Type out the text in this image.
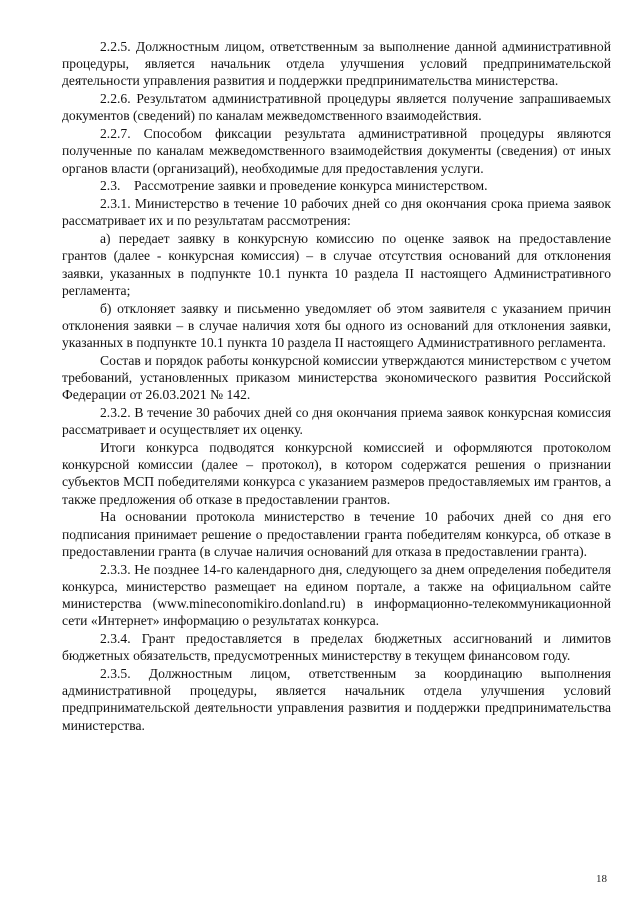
2.2.5. Должностным лицом, ответственным за выполнение данной административной процедуры, является начальник отдела улучшения условий предпринимательской деятельности управления развития и поддержки предпринимательства министерства.

2.2.6. Результатом административной процедуры является получение запрашиваемых документов (сведений) по каналам межведомственного взаимодействия.

2.2.7. Способом фиксации результата административной процедуры являются полученные по каналам межведомственного взаимодействия документы (сведения) от иных органов власти (организаций), необходимые для предоставления услуги.

2.3.    Рассмотрение заявки и проведение конкурса министерством.

2.3.1. Министерство в течение 10 рабочих дней со дня окончания срока приема заявок рассматривает их и по результатам рассмотрения:

а) передает заявку в конкурсную комиссию по оценке заявок на предоставление грантов (далее - конкурсная комиссия) – в случае отсутствия оснований для отклонения заявки, указанных в подпункте 10.1 пункта 10 раздела II настоящего Административного регламента;

б) отклоняет заявку и письменно уведомляет об этом заявителя с указанием причин отклонения заявки – в случае наличия хотя бы одного из оснований для отклонения заявки, указанных в подпункте 10.1 пункта 10 раздела II настоящего Административного регламента.

Состав и порядок работы конкурсной комиссии утверждаются министерством с учетом требований, установленных приказом министерства экономического развития Российской Федерации от 26.03.2021 № 142.

2.3.2. В течение 30 рабочих дней со дня окончания приема заявок конкурсная комиссия рассматривает и осуществляет их оценку.

Итоги конкурса подводятся конкурсной комиссией и оформляются протоколом конкурсной комиссии (далее – протокол), в котором содержатся решения о признании субъектов МСП победителями конкурса с указанием размеров предоставляемых им грантов, а также предложения об отказе в предоставлении грантов.

На основании протокола министерство в течение 10 рабочих дней со дня его подписания принимает решение о предоставлении гранта победителям конкурса, об отказе в предоставлении гранта (в случае наличия оснований для отказа в предоставлении гранта).

2.3.3. Не позднее 14-го календарного дня, следующего за днем определения победителя конкурса, министерство размещает на едином портале, а также на официальном сайте министерства (www.mineconomikiro.donland.ru) в информационно-телекоммуникационной сети «Интернет» информацию о результатах конкурса.

2.3.4. Грант предоставляется в пределах бюджетных ассигнований и лимитов бюджетных обязательств, предусмотренных министерству в текущем финансовом году.

2.3.5. Должностным лицом, ответственным за координацию выполнения административной процедуры, является начальник отдела улучшения условий предпринимательской деятельности управления развития и поддержки предпринимательства министерства.

18
